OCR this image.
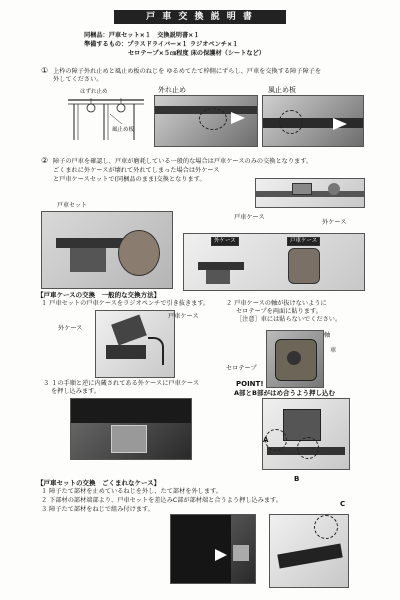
戸 車 交 換 説 明 書
同梱品：戸車セット×１　交換説明書×１
準備するもの：プラスドライバー×１ ラジオペンチ×１
セロテープ×５㎝程度 床の保護材（シートなど）
① 上枠の障子外れ止めと風止め板のねじを ゆるめてたて枠側にずらし、戸車を交換する障子障子を
外してください。
はずれ止め
風止め板
外れ止め	風止め板
② 障子の戸車を確認し、戸車が磨耗している一般的な場合は戸車ケースのみの交換となります。
ごくまれに外ケースが壊れて外れてしまった場合は外ケース
と戸車ケースセットで(同梱品のまま)交換となります。
戸車ケース
外ケース
戸車セット
外ケース	戸車ケース
【戸車ケースの交換　一般的な交換方法】
１ 戸車セットの戸車ケースをラジオペンチで引き抜きます。	２ 戸車ケースの軸が抜けないように
セロテープを両面に貼ります。
［注意］車には貼らないでください。
外ケース
戸車ケース
軸
車
セロテープ
３ １の手順と逆に内蔵されてある外ケースに戸車ケース
を押し込みます。
POINT!
A部とB部がはめ合うよう押し込む
A
B
【戸車セットの交換　ごくまれなケース】
１ 障子たて部材を止めているねじを外し、たて部材を外します。
２ 下部材の部材端部より、戸車セットを差込みC部が部材端と合うよう押し込みます。
３ 障子たて部材をねじで組み付けます。
C
